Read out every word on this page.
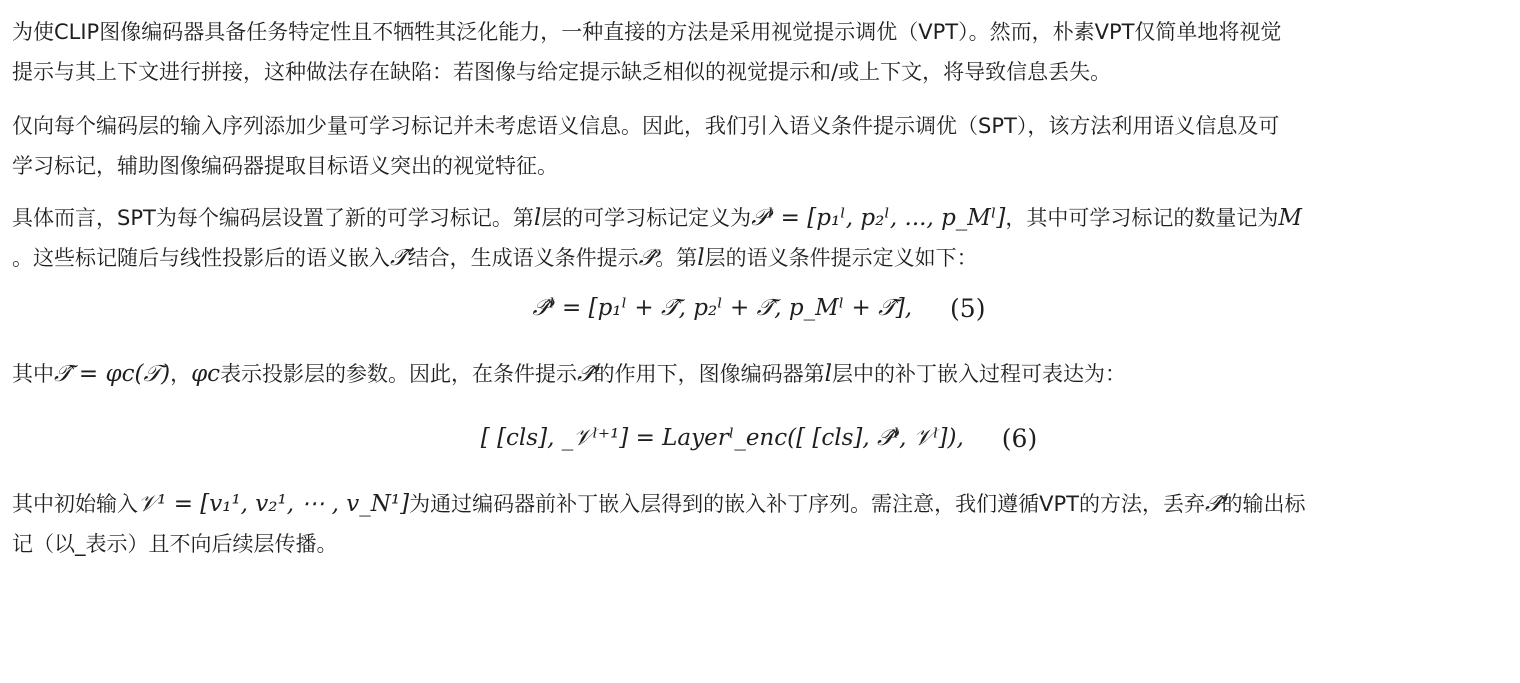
为使CLIP图像编码器具备任务特定性且不牺牲其泛化能力，一种直接的方法是采用视觉提示调优（VPT）。然而，朴素VPT仅简单地将视觉

提示与其上下文进行拼接，这种做法存在缺陷：若图像与给定提示缺乏相似的视觉提示和/或上下文，将导致信息丢失。

仅向每个编码层的输入序列添加少量可学习标记并未考虑语义信息。因此，我们引入语义条件提示调优（SPT），该方法利用语义信息及可

学习标记，辅助图像编码器提取目标语义突出的视觉特征。

具体而言，SPT为每个编码层设置了新的可学习标记。第l层的可学习标记定义为𝒫ˡ = [p₁ˡ, p₂ˡ, ..., p_Mˡ]，其中可学习标记的数量记为M

。这些标记随后与线性投影后的语义嵌入𝒯̂结合，生成语义条件提示𝒫̂。第l层的语义条件提示定义如下：

𝒫̂ˡ = [p₁ˡ + 𝒯̂, p₂ˡ + 𝒯̂, p_Mˡ + 𝒯̂], (5)

其中𝒯̂ = φc(𝒯)，φc表示投影层的参数。因此，在条件提示𝒫̂的作用下，图像编码器第l层中的补丁嵌入过程可表达为：

[ [cls], _𝒱ˡ⁺¹] = Layerˡ_enc([ [cls], 𝒫̂ˡ, 𝒱ˡ]), (6)

其中初始输入𝒱¹ = [v₁¹, v₂¹, ⋯ , v_N¹]为通过编码器前补丁嵌入层得到的嵌入补丁序列。需注意，我们遵循VPT的方法，丢弃𝒫̂的输出标

记（以_表示）且不向后续层传播。
